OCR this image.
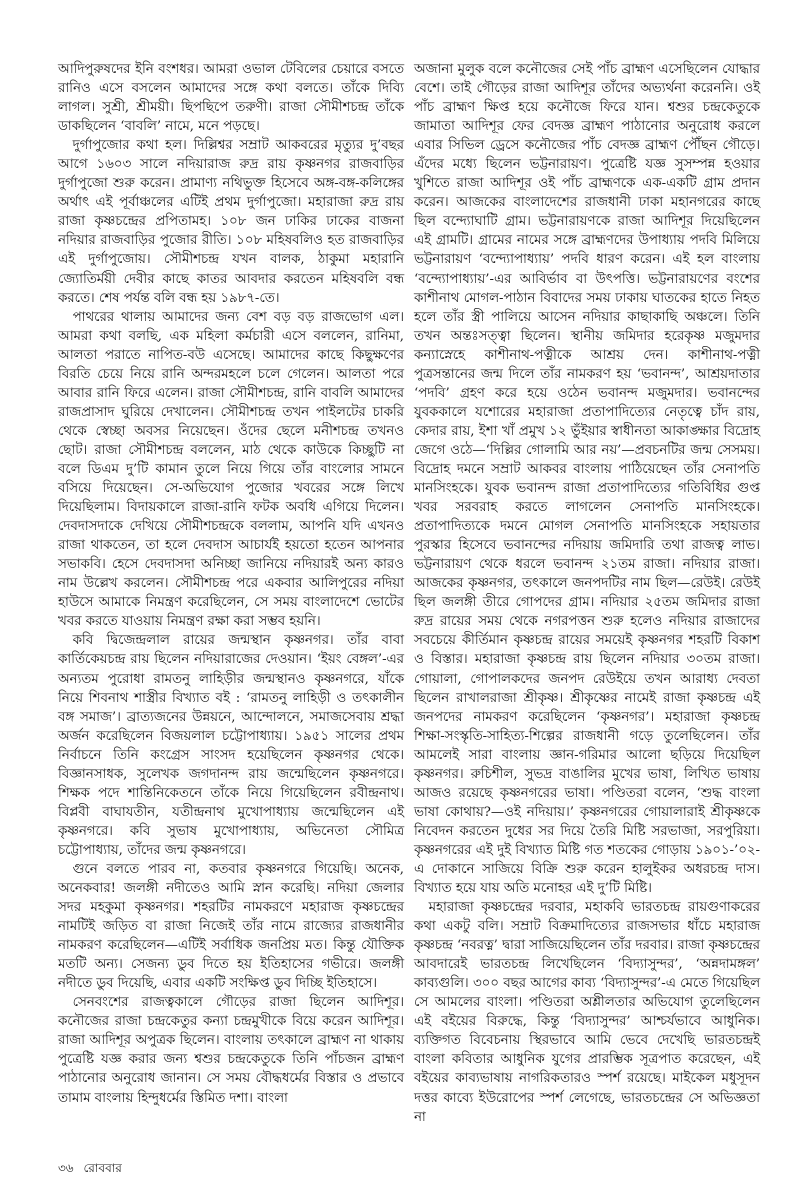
আদিপুরুষদের ইনি বংশধর। আমরা ওভাল টেবিলের চেয়ারে বসতে রানিও এসে বসলেন আমাদের সঙ্গে কথা বলতে। তাঁকে দিব্যি লাগল। সুশ্রী, শ্রীময়ী। ছিপছিপে তরুণী। রাজা সৌমীশচন্দ্র তাঁকে ডাকছিলেন ‘বাবলি’ নামে, মনে পড়ছে।

দুর্গাপুজোর কথা হল। দিল্লিশ্বর সম্রাট আকবরের মৃত্যুর দু’বছর আগে ১৬০৩ সালে নদিয়ারাজ রুদ্র রায় কৃষ্ণনগর রাজবাড়ির দুর্গাপুজো শুরু করেন। প্রামাণ্য নথিভুক্ত হিসেবে অঙ্গ-বঙ্গ-কলিঙ্গের অর্থাৎ এই পূর্বাঞ্চলের এটিই প্রথম দুর্গাপুজো। মহারাজা রুদ্র রায় রাজা কৃষ্ণচন্দ্রের প্রপিতামহ। ১০৮ জন ঢাকির ঢাকের বাজনা নদিয়ার রাজবাড়ির পুজোর রীতি। ১০৮ মহিষবলিও হত রাজবাড়ির এই দুর্গাপুজোয়। সৌমীশচন্দ্র যখন বালক, ঠাকুমা মহারানি জ্যোতির্ময়ী দেবীর কাছে কাতর আবদার করতেন মহিষবলি বন্ধ করতে। শেষ পর্যন্ত বলি বন্ধ হয় ১৯৮৭-তে।

পাথরের থালায় আমাদের জন্য বেশ বড় বড় রাজভোগ এল। আমরা কথা বলছি, এক মহিলা কর্মচারী এসে বললেন, রানিমা, আলতা পরাতে নাপিত-বউ এসেছে। আমাদের কাছে কিছুক্ষণের বিরতি চেয়ে নিয়ে রানি অন্দরমহলে চলে গেলেন। আলতা পরে আবার রানি ফিরে এলেন। রাজা সৌমীশচন্দ্র, রানি বাবলি আমাদের রাজপ্রাসাদ ঘুরিয়ে দেখালেন। সৌমীশচন্দ্র তখন পাইলটের চাকরি থেকে স্বেচ্ছা অবসর নিয়েছেন। ওঁদের ছেলে মনীশচন্দ্র তখনও ছোট। রাজা সৌমীশচন্দ্র বললেন, মাঠ থেকে কাউকে কিচ্ছুটি না বলে ডিএম দু’টি কামান তুলে নিয়ে গিয়ে তাঁর বাংলোর সামনে বসিয়ে দিয়েছেন। সে-অভিযোগ পুজোর খবরের সঙ্গে লিখে দিয়েছিলাম। বিদায়কালে রাজা-রানি ফটক অবধি এগিয়ে দিলেন। দেবদাসদাকে দেখিয়ে সৌমীশচন্দ্রকে বললাম, আপনি যদি এখনও রাজা থাকতেন, তা হলে দেবদাস আচার্যই হয়তো হতেন আপনার সভাকবি। হেসে দেবদাসদা অনিচ্ছা জানিয়ে নদিয়ারই অন্য কারও নাম উল্লেখ করলেন। সৌমীশচন্দ্র পরে একবার আলিপুরের নদিয়া হাউসে আমাকে নিমন্ত্রণ করেছিলেন, সে সময় বাংলাদেশে ভোটের খবর করতে যাওয়ায় নিমন্ত্রণ রক্ষা করা সম্ভব হয়নি।

কবি দ্বিজেন্দ্রলাল রায়ের জন্মস্থান কৃষ্ণনগর। তাঁর বাবা কার্তিকেয়চন্দ্র রায় ছিলেন নদিয়ারাজের দেওয়ান। ‘ইয়ং বেঙ্গল’-এর অন্যতম পুরোধা রামতনু লাহিড়ীর জন্মস্থানও কৃষ্ণনগরে, যাঁকে নিয়ে শিবনাথ শাস্ত্রীর বিখ্যাত বই : ‘রামতনু লাহিড়ী ও তৎকালীন বঙ্গ সমাজ’। ব্রাত্যজনের উন্নয়নে, আন্দোলনে, সমাজসেবায় শ্রদ্ধা অর্জন করেছিলেন বিজয়লাল চট্টোপাধ্যায়। ১৯৫১ সালের প্রথম নির্বাচনে তিনি কংগ্রেস সাংসদ হয়েছিলেন কৃষ্ণনগর থেকে। বিজ্ঞানসাধক, সুলেখক জগদানন্দ রায় জন্মেছিলেন কৃষ্ণনগরে। শিক্ষক পদে শান্তিনিকেতনে তাঁকে নিয়ে গিয়েছিলেন রবীন্দ্রনাথ। বিপ্লবী বাঘাযতীন, যতীন্দ্রনাথ মুখোপাধ্যায় জন্মেছিলেন এই কৃষ্ণনগরে। কবি সুভাষ মুখোপাধ্যায়, অভিনেতা সৌমিত্র চট্টোপাধ্যায়, তাঁদের জন্ম কৃষ্ণনগরে।

গুনে বলতে পারব না, কতবার কৃষ্ণনগরে গিয়েছি। অনেক, অনেকবার! জলঙ্গী নদীতেও আমি স্নান করেছি। নদিয়া জেলার সদর মহকুমা কৃষ্ণনগর। শহরটির নামকরণে মহারাজ কৃষ্ণচন্দ্রের নামটিই জড়িত বা রাজা নিজেই তাঁর নামে রাজ্যের রাজধানীর নামকরণ করেছিলেন—এটিই সর্বাধিক জনপ্রিয় মত। কিন্তু যৌক্তিক মতটি অন্য। সেজন্য ডুব দিতে হয় ইতিহাসের গভীরে। জলঙ্গী নদীতে ডুব দিয়েছি, এবার একটি সংক্ষিপ্ত ডুব দিচ্ছি ইতিহাসে।

সেনবংশের রাজত্বকালে গৌড়ের রাজা ছিলেন আদিশূর। কনৌজের রাজা চন্দ্রকেতুর কন্যা চন্দ্রমুখীকে বিয়ে করেন আদিশূর। রাজা আদিশূর অপুত্রক ছিলেন। বাংলায় তৎকালে ব্রাহ্মণ না থাকায় পুত্রেষ্টি যজ্ঞ করার জন্য শ্বশুর চন্দ্রকেতুকে তিনি পাঁচজন ব্রাহ্মণ পাঠানোর অনুরোধ জানান। সে সময় বৌদ্ধধর্মের বিস্তার ও প্রভাবে তামাম বাংলায় হিন্দুধর্মের স্তিমিত দশা। বাংলা

অজানা মুলুক বলে কনৌজের সেই পাঁচ ব্রাহ্মণ এসেছিলেন যোদ্ধার বেশে। তাই গৌড়ের রাজা আদিশূর তাঁদের অভ্যর্থনা করেননি। ওই পাঁচ ব্রাহ্মণ ক্ষিপ্ত হয়ে কনৌজে ফিরে যান। শ্বশুর চন্দ্রকেতুকে জামাতা আদিশূর ফের বেদজ্ঞ ব্রাহ্মণ পাঠানোর অনুরোধ করলে এবার সিভিল ড্রেসে কনৌজের পাঁচ বেদজ্ঞ ব্রাহ্মণ পৌঁছন গৌড়ে। এঁদের মধ্যে ছিলেন ভট্টনারায়ণ। পুত্রেষ্টি যজ্ঞ সুসম্পন্ন হওয়ার খুশিতে রাজা আদিশূর ওই পাঁচ ব্রাহ্মণকে এক-একটি গ্রাম প্রদান করেন। আজকের বাংলাদেশের রাজধানী ঢাকা মহানগরের কাছে ছিল বন্দ্যোঘাটি গ্রাম। ভট্টনারায়ণকে রাজা আদিশূর দিয়েছিলেন এই গ্রামটি। গ্রামের নামের সঙ্গে ব্রাহ্মণদের উপাধ্যায় পদবি মিলিয়ে ভট্টনারায়ণ ‘বন্দ্যোপাধ্যায়’ পদবি ধারণ করেন। এই হল বাংলায় ‘বন্দ্যোপাধ্যায়’-এর আবির্ভাব বা উৎপত্তি। ভট্টনারায়ণের বংশের কাশীনাথ মোগল-পাঠান বিবাদের সময় ঢাকায় ঘাতকের হাতে নিহত হলে তাঁর স্ত্রী পালিয়ে আসেন নদিয়ার কাছাকাছি অঞ্চলে। তিনি তখন অন্তঃসত্ত্বা ছিলেন। স্থানীয় জমিদার হরেকৃষ্ণ মজুমদার কন্যাস্নেহে কাশীনাথ-পত্নীকে আশ্রয় দেন। কাশীনাথ-পত্নী পুত্রসন্তানের জন্ম দিলে তাঁর নামকরণ হয় ‘ভবানন্দ’, আশ্রয়দাতার ‘পদবি’ গ্রহণ করে হয়ে ওঠেন ভবানন্দ মজুমদার। ভবানন্দের যুবককালে যশোরের মহারাজা প্রতাপাদিত্যের নেতৃত্বে চাঁদ রায়, কেদার রায়, ইশা খাঁ প্রমুখ ১২ ভুঁইয়ার স্বাধীনতা আকাঙ্ক্ষার বিদ্রোহ জেগে ওঠে—‘দিল্লির গোলামি আর নয়’—প্রবচনটির জন্ম সেসময়। বিদ্রোহ দমনে সম্রাট আকবর বাংলায় পাঠিয়েছেন তাঁর সেনাপতি মানসিংহকে। যুবক ভবানন্দ রাজা প্রতাপাদিত্যের গতিবিধির গুপ্ত খবর সরবরাহ করতে লাগলেন সেনাপতি মানসিংহকে। প্রতাপাদিত্যকে দমনে মোগল সেনাপতি মানসিংহকে সহায়তার পুরস্কার হিসেবে ভবানন্দের নদিয়ায় জমিদারি তথা রাজত্ব লাভ। ভট্টনারায়ণ থেকে ধরলে ভবানন্দ ২১তম রাজা। নদিয়ার রাজা। আজকের কৃষ্ণনগর, তৎকালে জনপদটির নাম ছিল—রেউই। রেউই ছিল জলঙ্গী তীরে গোপদের গ্রাম। নদিয়ার ২৫তম জমিদার রাজা রুদ্র রায়ের সময় থেকে নগরপত্তন শুরু হলেও নদিয়ার রাজাদের সবচেয়ে কীর্তিমান কৃষ্ণচন্দ্র রায়ের সময়েই কৃষ্ণনগর শহরটি বিকাশ ও বিস্তার। মহারাজা কৃষ্ণচন্দ্র রায় ছিলেন নদিয়ার ৩০তম রাজা। গোয়ালা, গোপালকদের জনপদ রেউইয়ে তখন আরাধ্য দেবতা ছিলেন রাখালরাজা শ্রীকৃষ্ণ। শ্রীকৃষ্ণের নামেই রাজা কৃষ্ণচন্দ্র এই জনপদের নামকরণ করেছিলেন ‘কৃষ্ণনগর’। মহারাজা কৃষ্ণচন্দ্র শিক্ষা-সংস্কৃতি-সাহিত্য-শিল্পের রাজধানী গড়ে তুলেছিলেন। তাঁর আমলেই সারা বাংলায় জ্ঞান-গরিমার আলো ছড়িয়ে দিয়েছিল কৃষ্ণনগর। রুচিশীল, সুভদ্র বাঙালির মুখের ভাষা, লিখিত ভাষায় আজও রয়েছে কৃষ্ণনগরের ভাষা। পণ্ডিতরা বলেন, ‘শুদ্ধ বাংলা ভাষা কোথায়?—ওই নদিয়ায়।’ কৃষ্ণনগরের গোয়ালারাই শ্রীকৃষ্ণকে নিবেদন করতেন দুধের সর দিয়ে তৈরি মিষ্টি সরভাজা, সরপুরিয়া। কৃষ্ণনগরের এই দুই বিখ্যাত মিষ্টি গত শতকের গোড়ায় ১৯০১-’০২-এ দোকানে সাজিয়ে বিক্রি শুরু করেন হালুইকর অধরচন্দ্র দাস। বিখ্যাত হয়ে যায় অতি মনোহর এই দু’টি মিষ্টি।

মহারাজা কৃষ্ণচন্দ্রের দরবার, মহাকবি ভারতচন্দ্র রায়গুণাকরের কথা একটু বলি। সম্রাট বিক্রমাদিত্যের রাজসভার ধাঁচে মহারাজ কৃষ্ণচন্দ্র ‘নবরত্ন’ দ্বারা সাজিয়েছিলেন তাঁর দরবার। রাজা কৃষ্ণচন্দ্রের আবদারেই ভারতচন্দ্র লিখেছিলেন ‘বিদ্যাসুন্দর’, ‘অন্নদামঙ্গল’ কাব্যগুলি। ৩০০ বছর আগের কাব্য ‘বিদ্যাসুন্দর’-এ মেতে গিয়েছিল সে আমলের বাংলা। পণ্ডিতরা অশ্লীলতার অভিযোগ তুলেছিলেন এই বইয়ের বিরুদ্ধে, কিন্তু ‘বিদ্যাসুন্দর’ আশ্চর্যভাবে আধুনিক। ব্যক্তিগত বিবেচনায় স্থিরভাবে আমি ভেবে দেখেছি ভারতচন্দ্রই বাংলা কবিতার আধুনিক যুগের প্রারম্ভিক সূত্রপাত করেছেন, এই বইয়ের কাব্যভাষায় নাগরিকতারও স্পর্শ রয়েছে। মাইকেল মধুসূদন দত্তর কাব্যে ইউরোপের স্পর্শ লেগেছে, ভারতচন্দ্রের সে অভিজ্ঞতা না

৩৬ রোববার
